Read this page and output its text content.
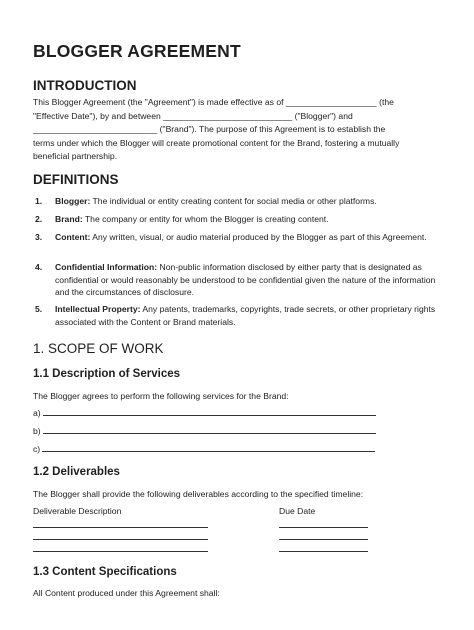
BLOGGER AGREEMENT
INTRODUCTION
This Blogger Agreement (the "Agreement") is made effective as of ___________________ (the
"Effective Date"), by and between ___________________________ ("Blogger") and
__________________________ ("Brand"). The purpose of this Agreement is to establish the
terms under which the Blogger will create promotional content for the Brand, fostering a mutually
beneficial partnership.
DEFINITIONS
1. Blogger: The individual or entity creating content for social media or other platforms.
2. Brand: The company or entity for whom the Blogger is creating content.
3. Content: Any written, visual, or audio material produced by the Blogger as part of this Agreement.
4. Confidential Information: Non-public information disclosed by either party that is designated as confidential or would reasonably be understood to be confidential given the nature of the information and the circumstances of disclosure.
5. Intellectual Property: Any patents, trademarks, copyrights, trade secrets, or other proprietary rights associated with the Content or Brand materials.
1. SCOPE OF WORK
1.1 Description of Services
The Blogger agrees to perform the following services for the Brand:
a)
b)
c)
1.2 Deliverables
The Blogger shall provide the following deliverables according to the specified timeline:
Deliverable Description	Due Date
1.3 Content Specifications
All Content produced under this Agreement shall:
